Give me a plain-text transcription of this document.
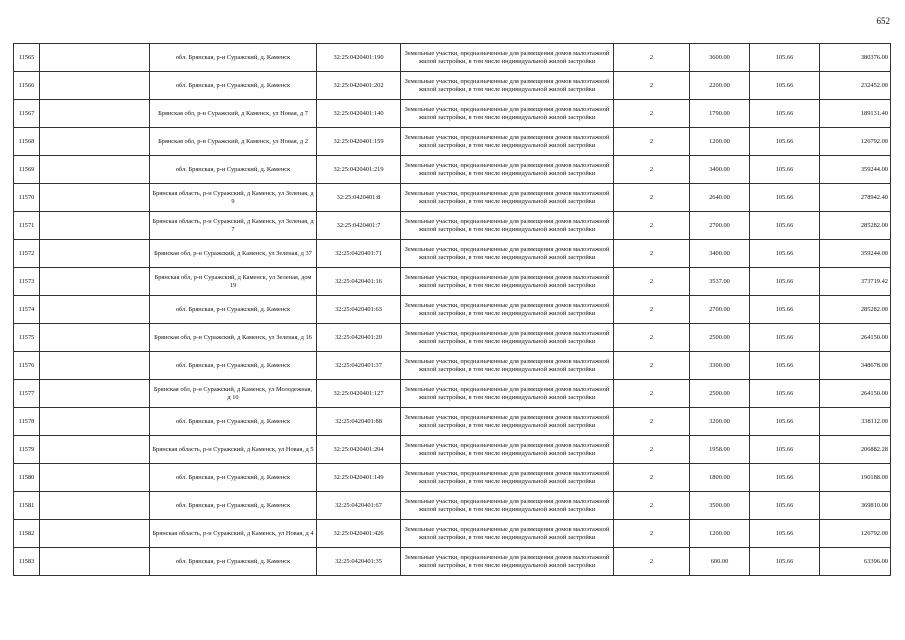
652
11565		обл. Брянская, р-н Суражский, д. Каменск	32:25:0420401:190	Земельные участки, предназначенные для размещения домов малоэтажной жилой застройки, в том числе индивидуальной жилой застройки	2	3600.00	105.66	380376.00
11566		обл. Брянская, р-н Суражский, д. Каменск	32:25:0420401:202	Земельные участки, предназначенные для размещения домов малоэтажной жилой застройки, в том числе индивидуальной жилой застройки	2	2200.00	105.66	232452.00
11567		Брянская обл, р-н Суражский, д Каменск, ул Новая, д 7	32:25:0420401:140	Земельные участки, предназначенные для размещения домов малоэтажной жилой застройки, в том числе индивидуальной жилой застройки	2	1790.00	105.66	189131.40
11568		Брянская обл, р-н Суражский, д Каменск, ул Новая, д 2	32:25:0420401:159	Земельные участки, предназначенные для размещения домов малоэтажной жилой застройки, в том числе индивидуальной жилой застройки	2	1200.00	105.66	126792.00
11569		обл. Брянская, р-н Суражский, д. Каменск	32:25:0420401:219	Земельные участки, предназначенные для размещения домов малоэтажной жилой застройки, в том числе индивидуальной жилой застройки	2	3400.00	105.66	359244.00
11570		Брянская область, р-н Суражский, д Каменск, ул Зеленая, д 9	32:25:0420401:8	Земельные участки, предназначенные для размещения домов малоэтажной жилой застройки, в том числе индивидуальной жилой застройки	2	2640.00	105.66	278942.40
11571		Брянская область, р-н Суражский, д Каменск, ул Зеленая, д 7	32:25:0420401:7	Земельные участки, предназначенные для размещения домов малоэтажной жилой застройки, в том числе индивидуальной жилой застройки	2	2700.00	105.66	285282.00
11572		Брянская обл, р-н Суражский, д Каменск, ул Зеленая, д 37	32:25:0420401:71	Земельные участки, предназначенные для размещения домов малоэтажной жилой застройки, в том числе индивидуальной жилой застройки	2	3400.00	105.66	359244.00
11573		Брянская обл, р-н Суражский, д Каменск, ул Зеленая, дом 19	32:25:0420401:16	Земельные участки, предназначенные для размещения домов малоэтажной жилой застройки, в том числе индивидуальной жилой застройки	2	3537.00	105.66	373719.42
11574		обл. Брянская, р-н Суражский, д. Каменск	32:25:0420401:63	Земельные участки, предназначенные для размещения домов малоэтажной жилой застройки, в том числе индивидуальной жилой застройки	2	2700.00	105.66	285282.00
11575		Брянская обл, р-н Суражский, д Каменск, ул Зеленая, д 16	32:25:0420401:20	Земельные участки, предназначенные для размещения домов малоэтажной жилой застройки, в том числе индивидуальной жилой застройки	2	2500.00	105.66	264150.00
11576		обл. Брянская, р-н Суражский, д. Каменск	32:25:0420401:37	Земельные участки, предназначенные для размещения домов малоэтажной жилой застройки, в том числе индивидуальной жилой застройки	2	3300.00	105.66	348678.00
11577		Брянская обл, р-н Суражский, д Каменск, ул Молодежная, д 10	32:25:0420401:127	Земельные участки, предназначенные для размещения домов малоэтажной жилой застройки, в том числе индивидуальной жилой застройки	2	2500.00	105.66	264150.00
11578		обл. Брянская, р-н Суражский, д. Каменск	32:25:0420401:88	Земельные участки, предназначенные для размещения домов малоэтажной жилой застройки, в том числе индивидуальной жилой застройки	2	3200.00	105.66	338112.00
11579		Брянская область, р-н Суражский, д Каменск, ул Новая, д 5	32:25:0420401:204	Земельные участки, предназначенные для размещения домов малоэтажной жилой застройки, в том числе индивидуальной жилой застройки	2	1958.00	105.66	206882.28
11580		обл. Брянская, р-н Суражский, д. Каменск	32:25:0420401:149	Земельные участки, предназначенные для размещения домов малоэтажной жилой застройки, в том числе индивидуальной жилой застройки	2	1800.00	105.66	190188.00
11581		обл. Брянская, р-н Суражский, д. Каменск	32:25:0420401:67	Земельные участки, предназначенные для размещения домов малоэтажной жилой застройки, в том числе индивидуальной жилой застройки	2	3500.00	105.66	369810.00
11582		Брянская область, р-н Суражский, д Каменск, ул Новая, д 4	32:25:0420401:426	Земельные участки, предназначенные для размещения домов малоэтажной жилой застройки, в том числе индивидуальной жилой застройки	2	1200.00	105.66	126792.00
11583		обл. Брянская, р-н Суражский, д. Каменск	32:25:0420401:35	Земельные участки, предназначенные для размещения домов малоэтажной жилой застройки, в том числе индивидуальной жилой застройки	2	600.00	105.66	63396.00
